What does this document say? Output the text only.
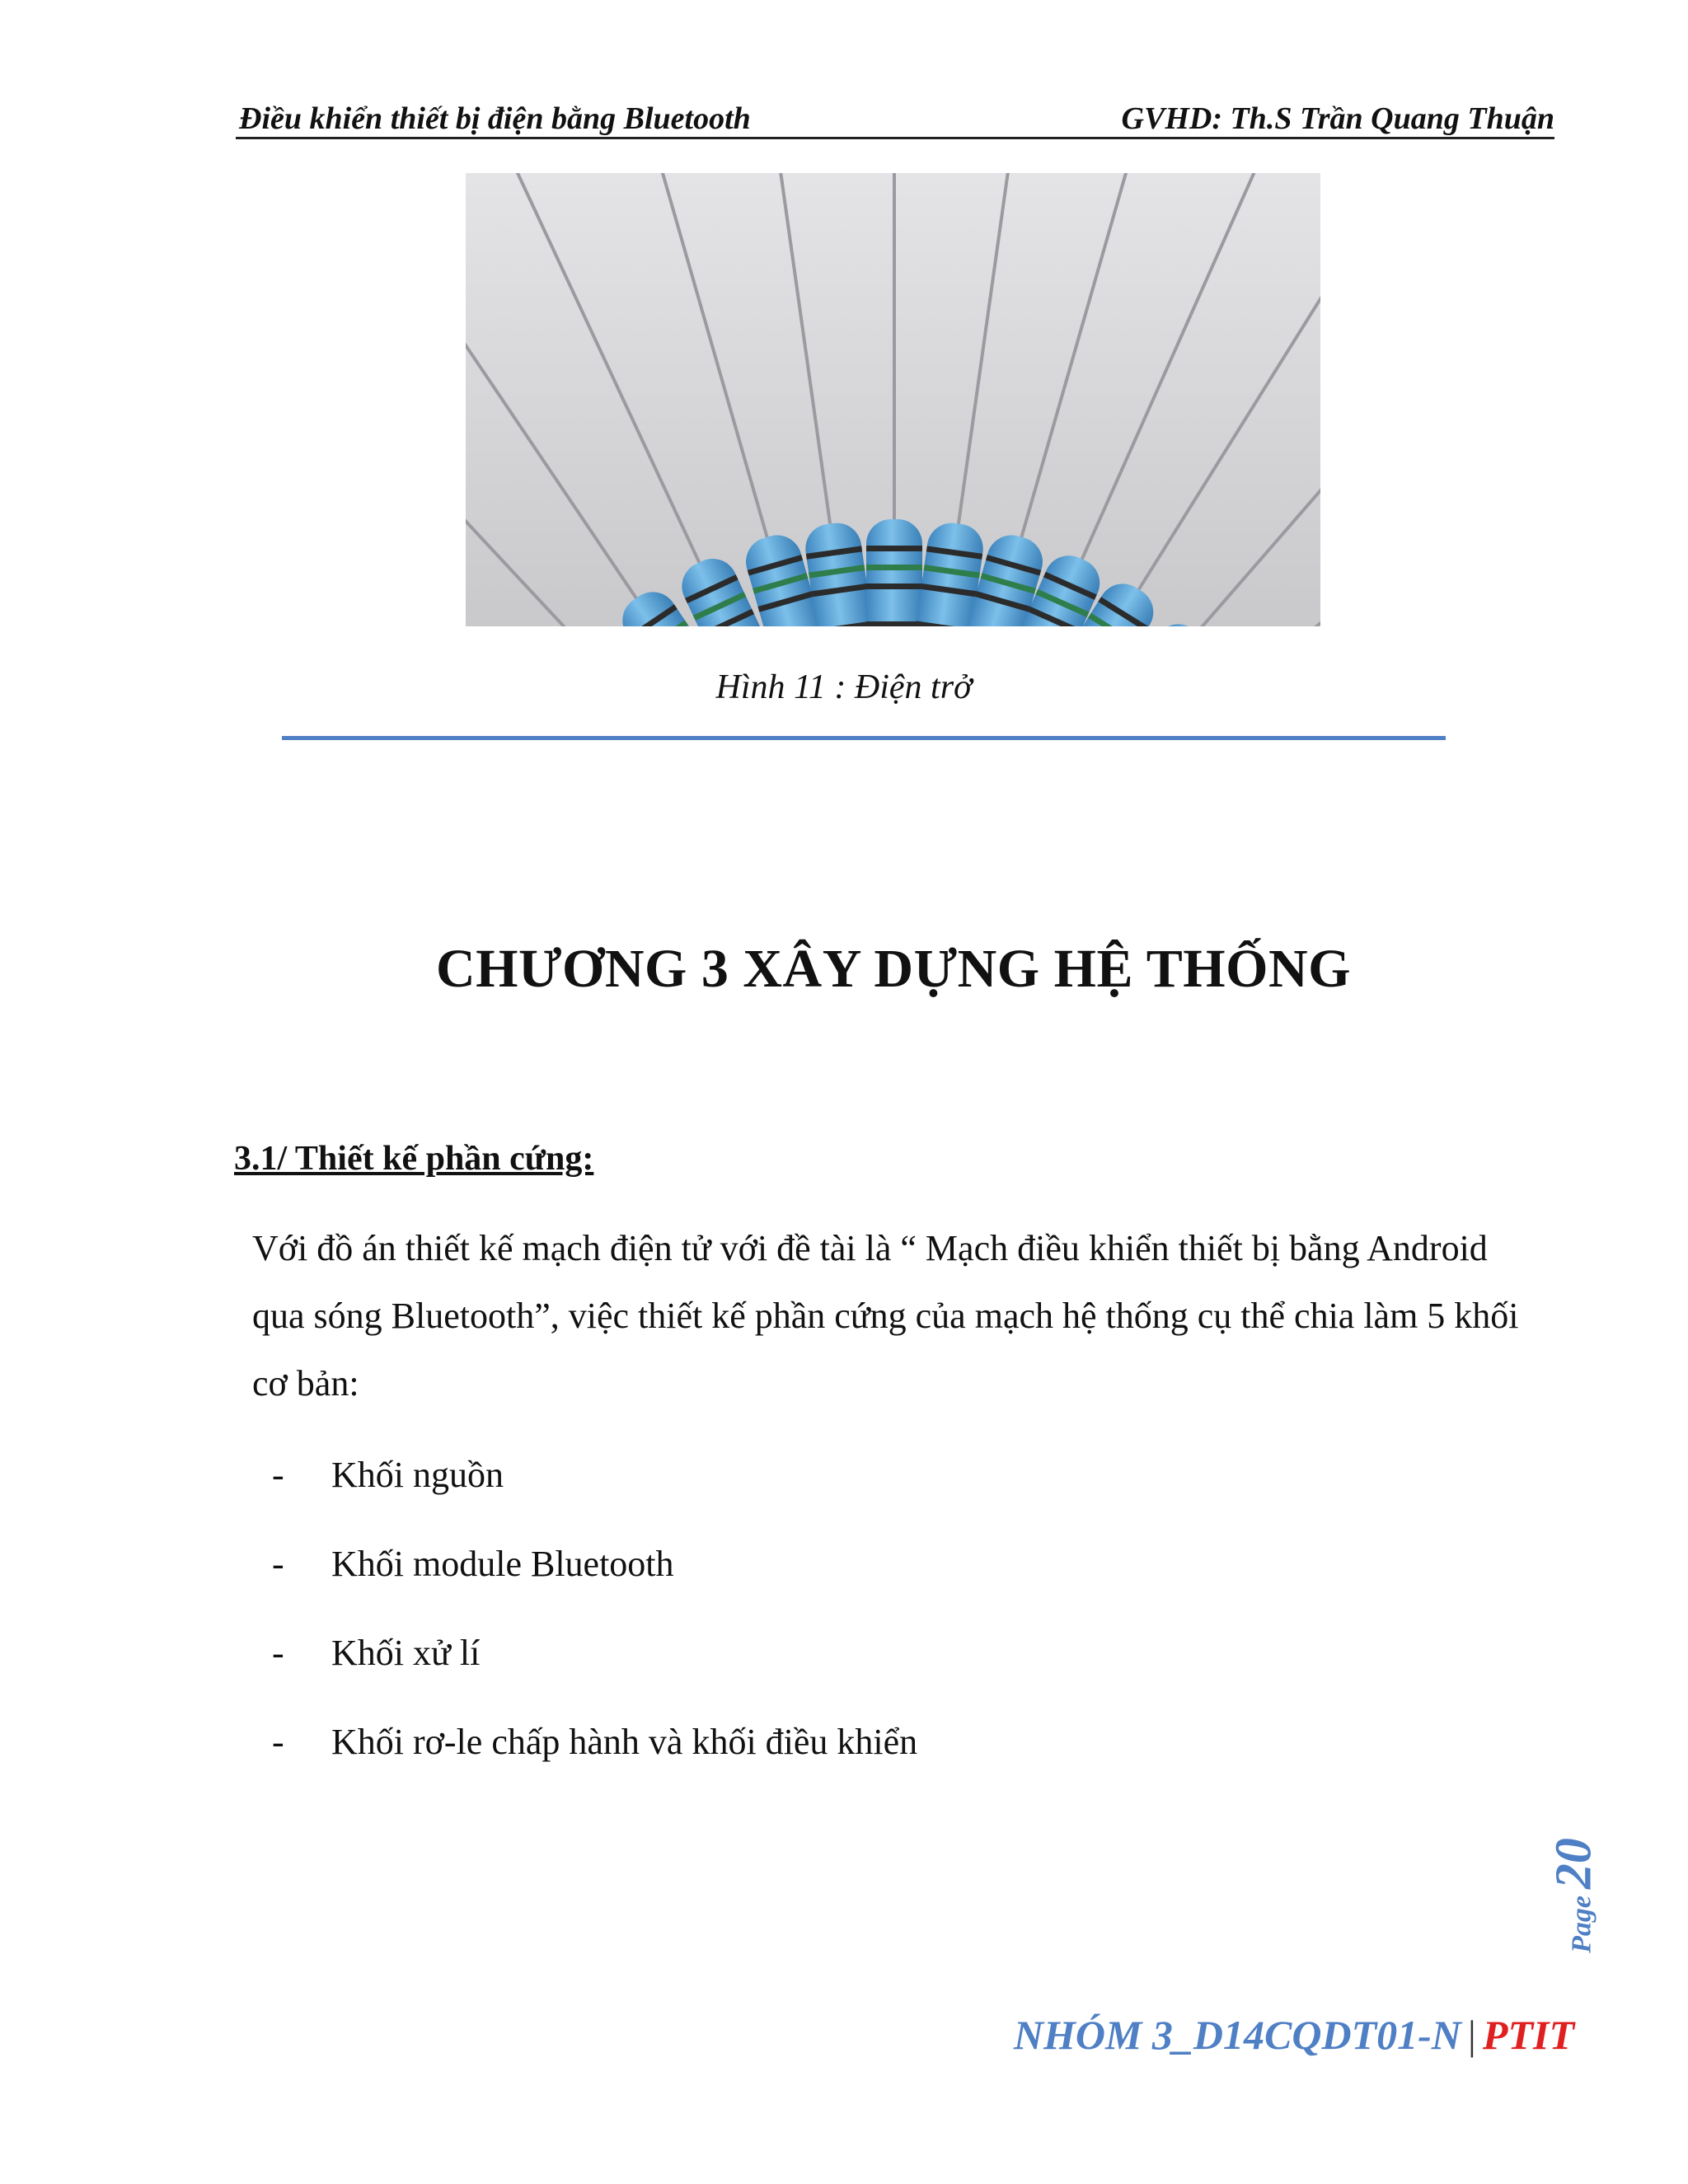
Điều khiển thiết bị điện bằng Bluetooth	GVHD: Th.S Trần Quang Thuận
Hình 11 : Điện trở
CHƯƠNG 3 XÂY DỰNG HỆ THỐNG
3.1/ Thiết kế phần cứng:
Với đồ án thiết kế mạch điện tử với đề tài là “ Mạch điều khiển thiết bị bằng Android qua sóng Bluetooth”, việc thiết kế phần cứng của mạch hệ thống cụ thể chia làm 5 khối cơ bản:
- Khối nguồn
- Khối module Bluetooth
- Khối xử lí
- Khối rơ-le chấp hành và khối điều khiển
Page20
NHÓM 3_D14CQDT01-N | PTIT
